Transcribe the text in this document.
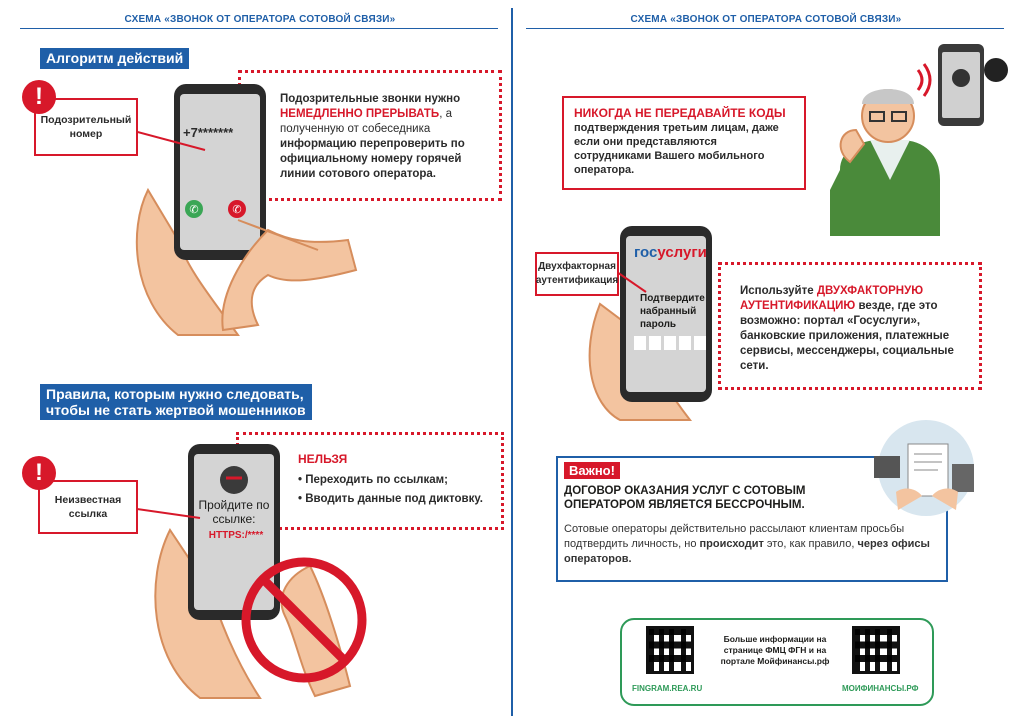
СХЕМА «ЗВОНОК ОТ ОПЕРАТОРА СОТОВОЙ СВЯЗИ»	СХЕМА «ЗВОНОК ОТ ОПЕРАТОРА СОТОВОЙ СВЯЗИ»
Алгоритм действий
Подозрительные звонки нужно НЕМЕДЛЕННО ПРЕРЫВАТЬ, а полученную от собеседника информацию перепроверить по официальному номеру горячей линии сотового оператора.
+7*******
✆	✆
Подозрительный номер
!
Правила, которым нужно следовать,
чтобы не стать жертвой мошенников
НЕЛЬЗЯ
• Переходить по ссылкам;
• Вводить данные под диктовку.
Пройдите по ссылке:
HTTPS:/****
Неизвестная ссылка
!
НИКОГДА НЕ ПЕРЕДАВАЙТЕ КОДЫ
подтверждения третьим лицам, даже если они представляются сотрудниками Вашего мобильного оператора.
Используйте ДВУХФАКТОРНУЮ АУТЕНТИФИКАЦИЮ везде, где это возможно: портал «Госуслуги», банковские приложения, платежные сервисы, мессенджеры, социальные сети.
госуслуги
Подтвердите набранный пароль
Двухфакторная аутентификация
Важно!
ДОГОВОР ОКАЗАНИЯ УСЛУГ С СОТОВЫМ ОПЕРАТОРОМ ЯВЛЯЕТСЯ БЕССРОЧНЫМ.
Сотовые операторы действительно рассылают клиентам просьбы подтвердить личность, но происходит это, как правило, через офисы операторов.
FINGRAM.REA.RU
Больше информации на странице ФМЦ ФГН и на портале Мойфинансы.рф
МОИФИНАНСЫ.РФ
